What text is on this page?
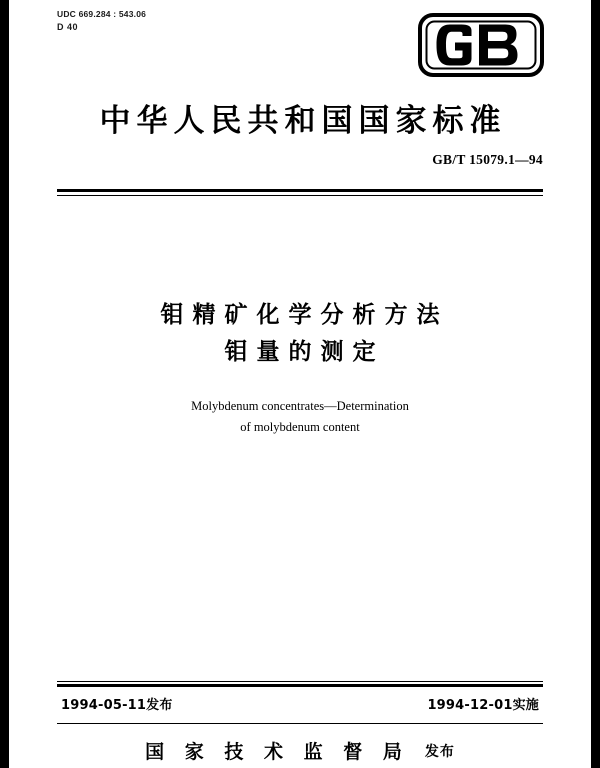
UDC 669.284 : 543.06
D 40
中华人民共和国国家标准
GB/T 15079.1—94
钼精矿化学分析方法
钼量的测定
Molybdenum concentrates—Determination
of molybdenum content
1994-05-11发布	1994-12-01实施
国 家 技 术 监 督 局 发布
